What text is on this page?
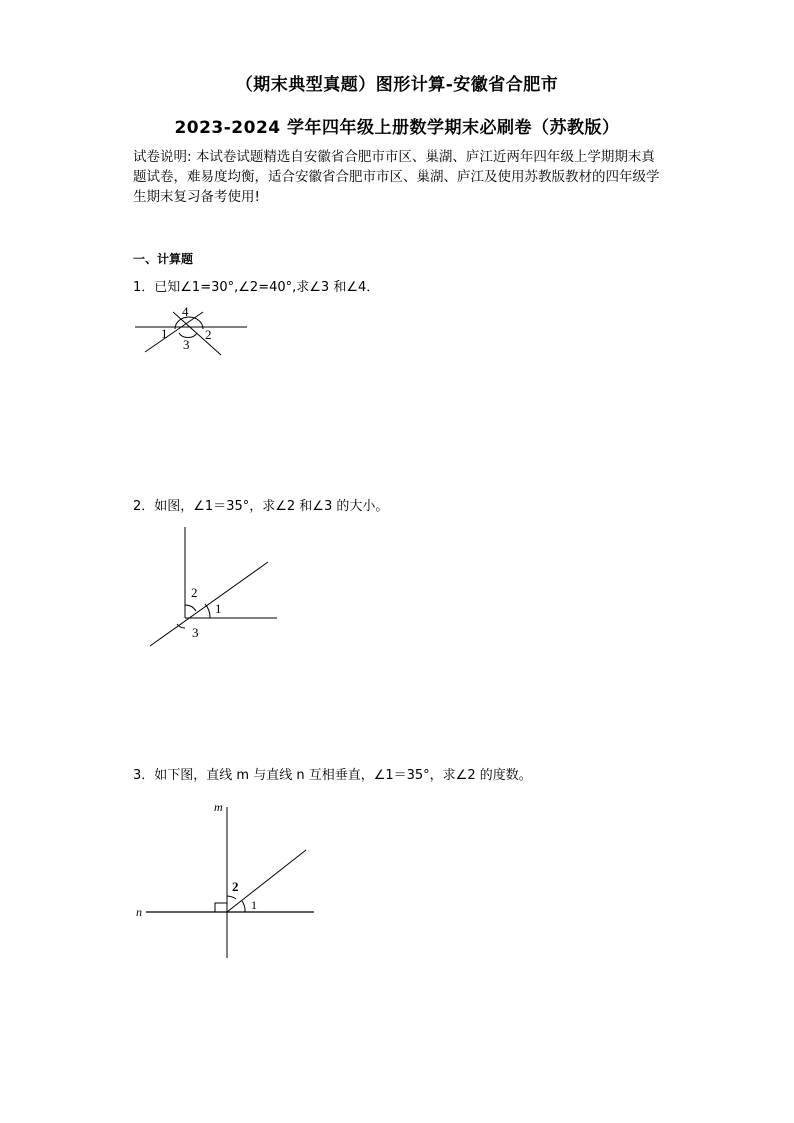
（期末典型真题）图形计算-安徽省合肥市
2023-2024 学年四年级上册数学期末必刷卷（苏教版）
试卷说明: 本试卷试题精选自安徽省合肥市市区、巢湖、庐江近两年四年级上学期期末真题试卷，难易度均衡，适合安徽省合肥市市区、巢湖、庐江及使用苏教版教材的四年级学生期末复习备考使用!
一、计算题
1．已知∠1=30°,∠2=40°,求∠3 和∠4．
4
1	2
3
2．如图，∠1＝35°，求∠2 和∠3 的大小。
2
1
3
3．如下图，直线 m 与直线 n 互相垂直，∠1＝35°，求∠2 的度数。
m
n
2
1
